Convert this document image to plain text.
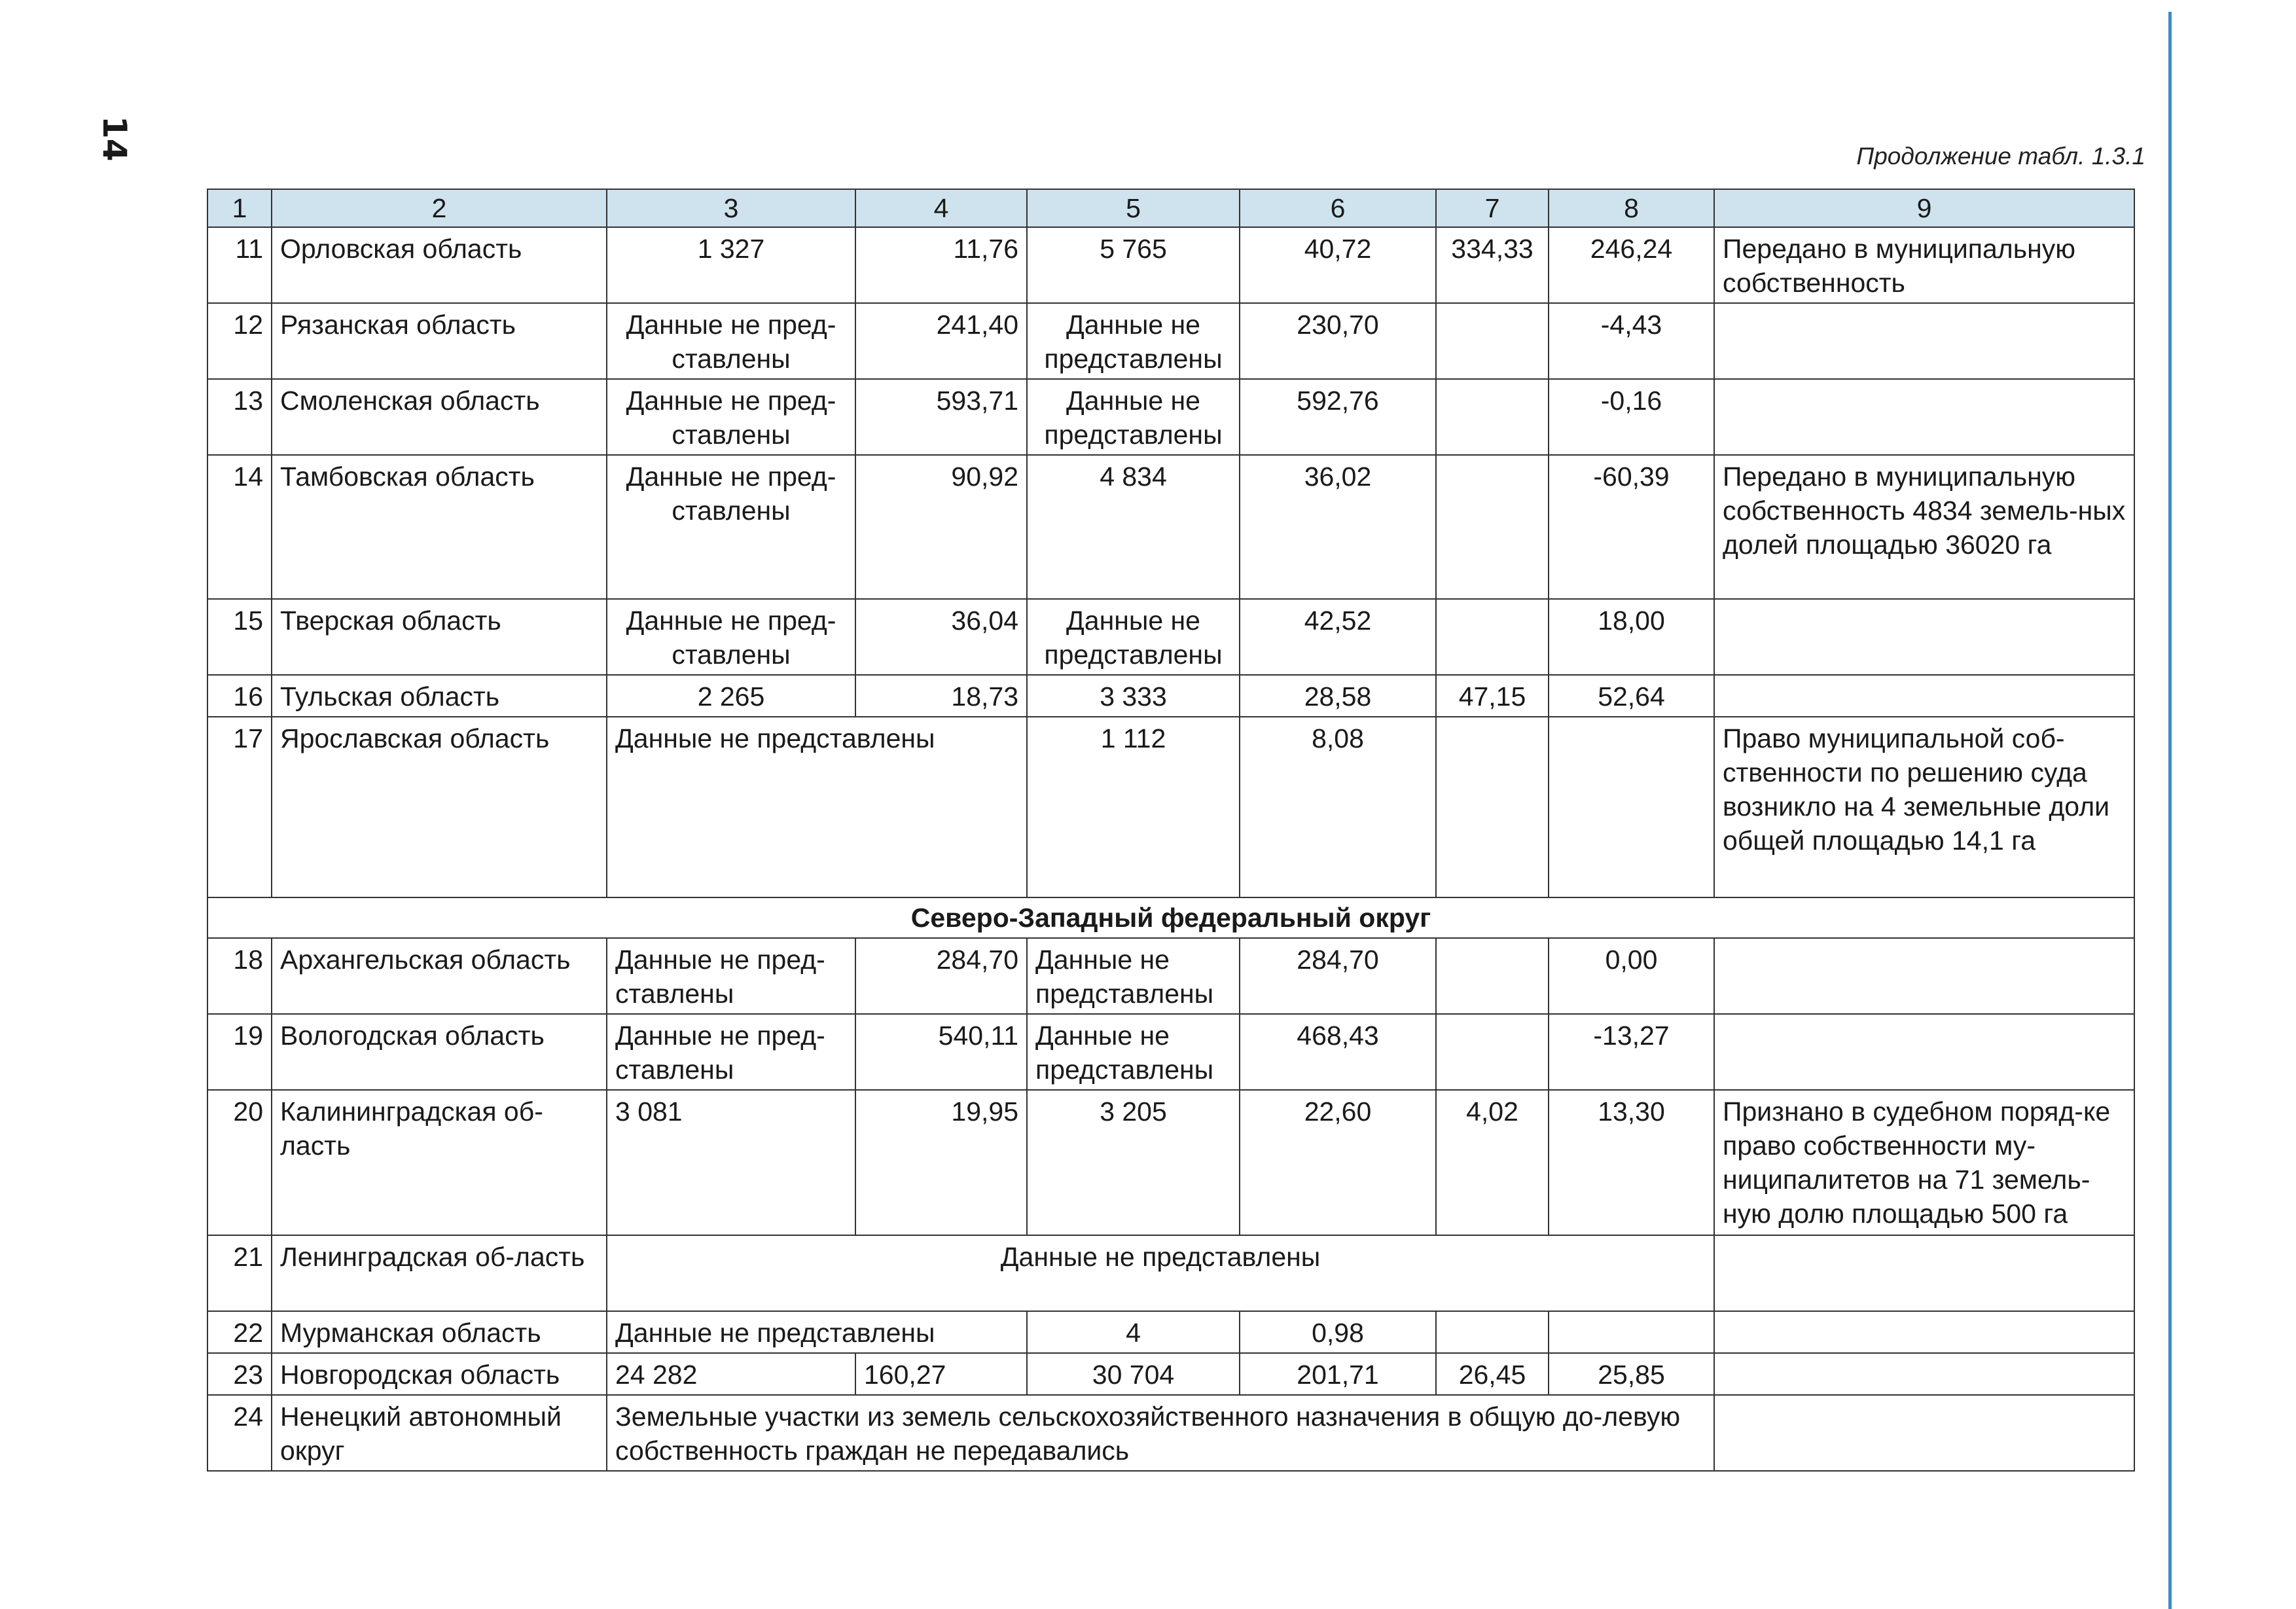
14	Продолжение табл. 1.3.1
1	2	3	4	5	6	7	8	9
11	Орловская область	1 327	11,76	5 765	40,72	334,33	246,24	Передано в муниципальную собственность
12	Рязанская область	Данные не пред-ставлены	241,40	Данные не представлены	230,70		-4,43	
13	Смоленская область	Данные не пред-ставлены	593,71	Данные не представлены	592,76		-0,16	
14	Тамбовская область	Данные не пред-ставлены	90,92	4 834	36,02		-60,39	Передано в муниципальную собственность 4834 земель-ных долей площадью 36020 га
15	Тверская область	Данные не пред-ставлены	36,04	Данные не представлены	42,52		18,00	
16	Тульская область	2 265	18,73	3 333	28,58	47,15	52,64	
17	Ярославская область	Данные не представлены		1 112	8,08			Право муниципальной соб-ственности по решению суда возникло на 4 земельные доли общей площадью 14,1 га
Северо-Западный федеральный округ								
18	Архангельская область	Данные не пред-ставлены	284,70	Данные не представлены	284,70		0,00	
19	Вологодская область	Данные не пред-ставлены	540,11	Данные не представлены	468,43		-13,27	
20	Калининградская об-ласть	3 081	19,95	3 205	22,60	4,02	13,30	Признано в судебном поряд-ке право собственности му-ниципалитетов на 71 земель-ную долю площадью 500 га
21	Ленинградская об-ласть	Данные не представлены						
22	Мурманская область	Данные не представлены		4	0,98			
23	Новгородская область	24 282	160,27	30 704	201,71	26,45	25,85	
24	Ненецкий автономный округ	Земельные участки из земель сельскохозяйственного назначения в общую до-левую собственность граждан не передавались						
